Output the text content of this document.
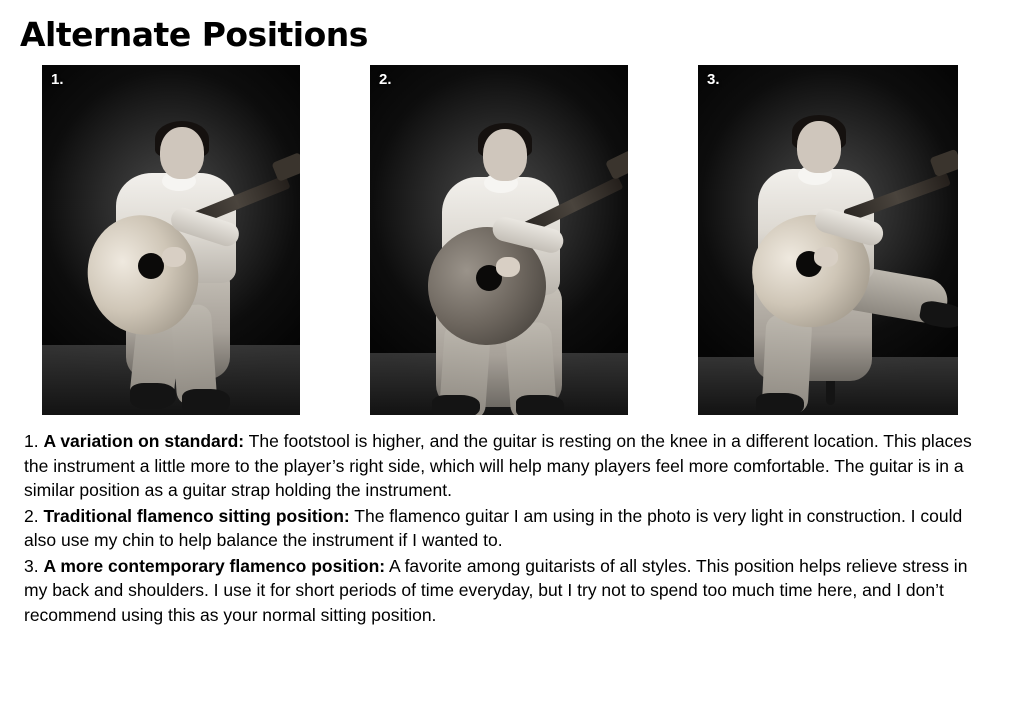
Alternate Positions
1.	2.	3.

1. A variation on standard: The footstool is higher, and the guitar is resting on the knee in a different location. This places the instrument a little more to the player’s right side, which will help many players feel more comfortable. The guitar is in a similar position as a guitar strap holding the instrument.

2. Traditional flamenco sitting position: The flamenco guitar I am using in the photo is very light in construction. I could also use my chin to help balance the instrument if I wanted to.

3. A more contemporary flamenco position: A favorite among guitarists of all styles. This position helps relieve stress in my back and shoulders. I use it for short periods of time everyday, but I try not to spend too much time here, and I don’t recommend using this as your normal sitting position.
